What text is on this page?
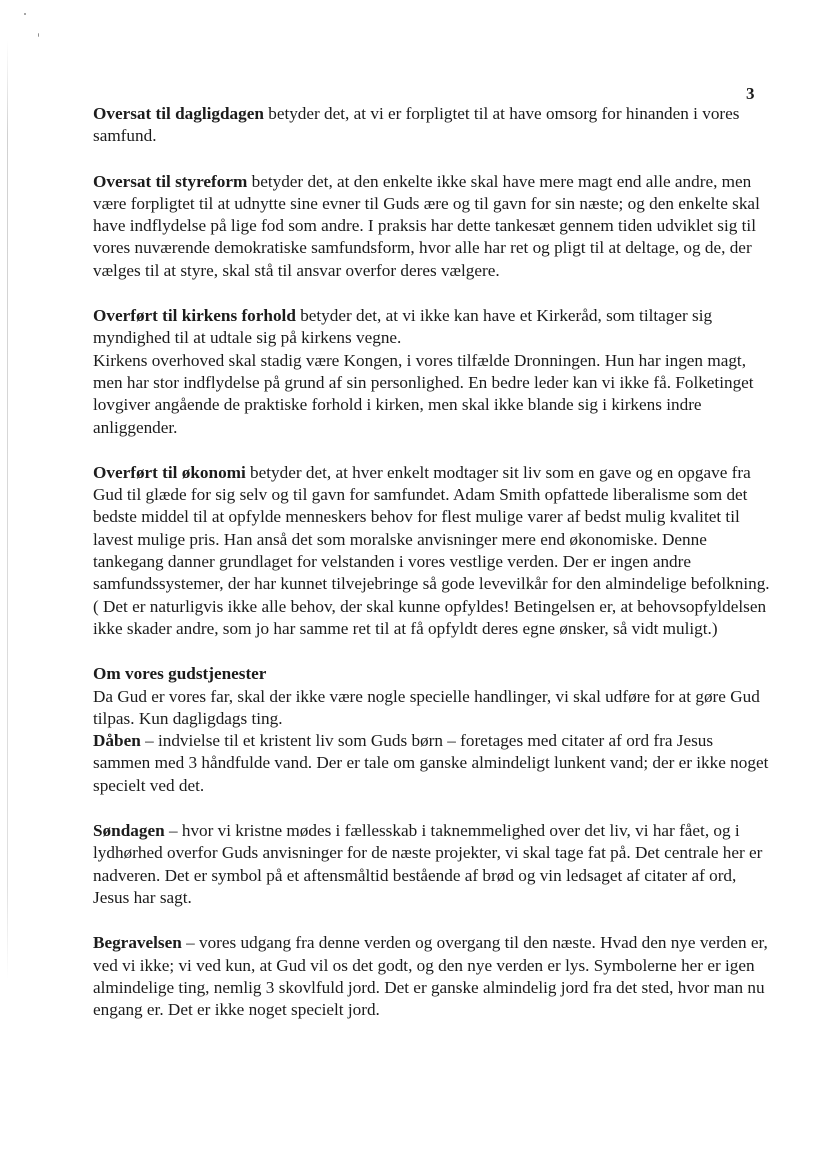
3

Oversat til dagligdagen betyder det, at vi er forpligtet til at have omsorg for hinanden i vores samfund.

Oversat til styreform betyder det, at den enkelte ikke skal have mere magt end alle andre, men være forpligtet til at udnytte sine evner til Guds ære og til gavn for sin næste; og den enkelte skal have indflydelse på lige fod som andre. I praksis har dette tankesæt gennem tiden udviklet sig til vores nuværende demokratiske samfundsform, hvor alle har ret og pligt til at deltage, og de, der vælges til at styre, skal stå til ansvar overfor deres vælgere.

Overført til kirkens forhold betyder det, at vi ikke kan have et Kirkeråd, som tiltager sig myndighed til at udtale sig på kirkens vegne.

Kirkens overhoved skal stadig være Kongen, i vores tilfælde Dronningen. Hun har ingen magt, men har stor indflydelse på grund af sin personlighed. En bedre leder kan vi ikke få. Folketinget lovgiver angående de praktiske forhold i kirken, men skal ikke blande sig i kirkens indre anliggender.

Overført til økonomi betyder det, at hver enkelt modtager sit liv som en gave og en opgave fra Gud til glæde for sig selv og til gavn for samfundet. Adam Smith opfattede liberalisme som det bedste middel til at opfylde menneskers behov for flest mulige varer af bedst mulig kvalitet til lavest mulige pris. Han anså det som moralske anvisninger mere end økonomiske. Denne tankegang danner grundlaget for velstanden i vores vestlige verden. Der er ingen andre samfundssystemer, der har kunnet tilvejebringe så gode levevilkår for den almindelige befolkning. ( Det er naturligvis ikke alle behov, der skal kunne opfyldes! Betingelsen er, at behovsopfyldelsen ikke skader andre, som jo har samme ret til at få opfyldt deres egne ønsker, så vidt muligt.)

Om vores gudstjenester

Da Gud er vores far, skal der ikke være nogle specielle handlinger, vi skal udføre for at gøre Gud tilpas. Kun dagligdags ting.

Dåben – indvielse til et kristent liv som Guds børn – foretages med citater af ord fra Jesus sammen med 3 håndfulde vand. Der er tale om ganske almindeligt lunkent vand; der er ikke noget specielt ved det.

Søndagen – hvor vi kristne mødes i fællesskab i taknemmelighed over det liv, vi har fået, og i lydhørhed overfor Guds anvisninger for de næste projekter, vi skal tage fat på. Det centrale her er nadveren. Det er symbol på et aftensmåltid bestående af brød og vin ledsaget af citater af ord, Jesus har sagt.

Begravelsen – vores udgang fra denne verden og overgang til den næste. Hvad den nye verden er, ved vi ikke; vi ved kun, at Gud vil os det godt, og den nye verden er lys. Symbolerne her er igen almindelige ting, nemlig 3 skovlfuld jord. Det er ganske almindelig jord fra det sted, hvor man nu engang er. Det er ikke noget specielt jord.
